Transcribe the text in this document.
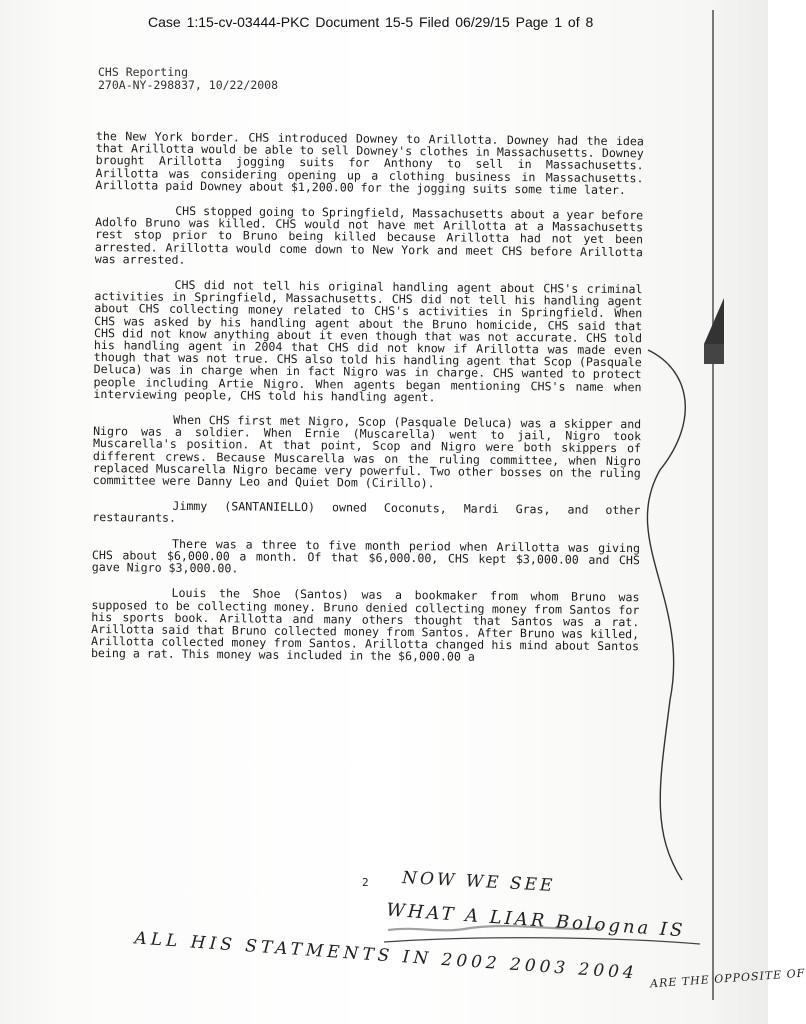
Case 1:15-cv-03444-PKC Document 15-5 Filed 06/29/15 Page 1 of 8
CHS Reporting
270A-NY-298837, 10/22/2008

the New York border. CHS introduced Downey to Arillotta. Downey had the idea that Arillotta would be able to sell Downey's clothes in Massachusetts. Downey brought Arillotta jogging suits for Anthony to sell in Massachusetts. Arillotta was considering opening up a clothing business in Massachusetts. Arillotta paid Downey about $1,200.00 for the jogging suits some time later.

CHS stopped going to Springfield, Massachusetts about a year before Adolfo Bruno was killed. CHS would not have met Arillotta at a Massachusetts rest stop prior to Bruno being killed because Arillotta had not yet been arrested. Arillotta would come down to New York and meet CHS before Arillotta was arrested.

CHS did not tell his original handling agent about CHS's criminal activities in Springfield, Massachusetts. CHS did not tell his handling agent about CHS collecting money related to CHS's activities in Springfield. When CHS was asked by his handling agent about the Bruno homicide, CHS said that CHS did not know anything about it even though that was not accurate. CHS told his handling agent in 2004 that CHS did not know if Arillotta was made even though that was not true. CHS also told his handling agent that Scop (Pasquale Deluca) was in charge when in fact Nigro was in charge. CHS wanted to protect people including Artie Nigro. When agents began mentioning CHS's name when interviewing people, CHS told his handling agent.

When CHS first met Nigro, Scop (Pasquale Deluca) was a skipper and Nigro was a soldier. When Ernie (Muscarella) went to jail, Nigro took Muscarella's position. At that point, Scop and Nigro were both skippers of different crews. Because Muscarella was on the ruling committee, when Nigro replaced Muscarella Nigro became very powerful. Two other bosses on the ruling committee were Danny Leo and Quiet Dom (Cirillo).

Jimmy (SANTANIELLO) owned Coconuts, Mardi Gras, and other restaurants.

There was a three to five month period when Arillotta was giving CHS about $6,000.00 a month. Of that $6,000.00, CHS kept $3,000.00 and CHS gave Nigro $3,000.00.

Louis the Shoe (Santos) was a bookmaker from whom Bruno was supposed to be collecting money. Bruno denied collecting money from Santos for his sports book. Arillotta and many others thought that Santos was a rat. Arillotta said that Bruno collected money from Santos. After Bruno was killed, Arillotta collected money from Santos. Arillotta changed his mind about Santos being a rat. This money was included in the $6,000.00 a

2 NOW WE SEE
WHAT A LIAR Bologna IS
ALL HIS STATMENTS IN 2002 2003 2004 ARE THE OPPOSITE OF
